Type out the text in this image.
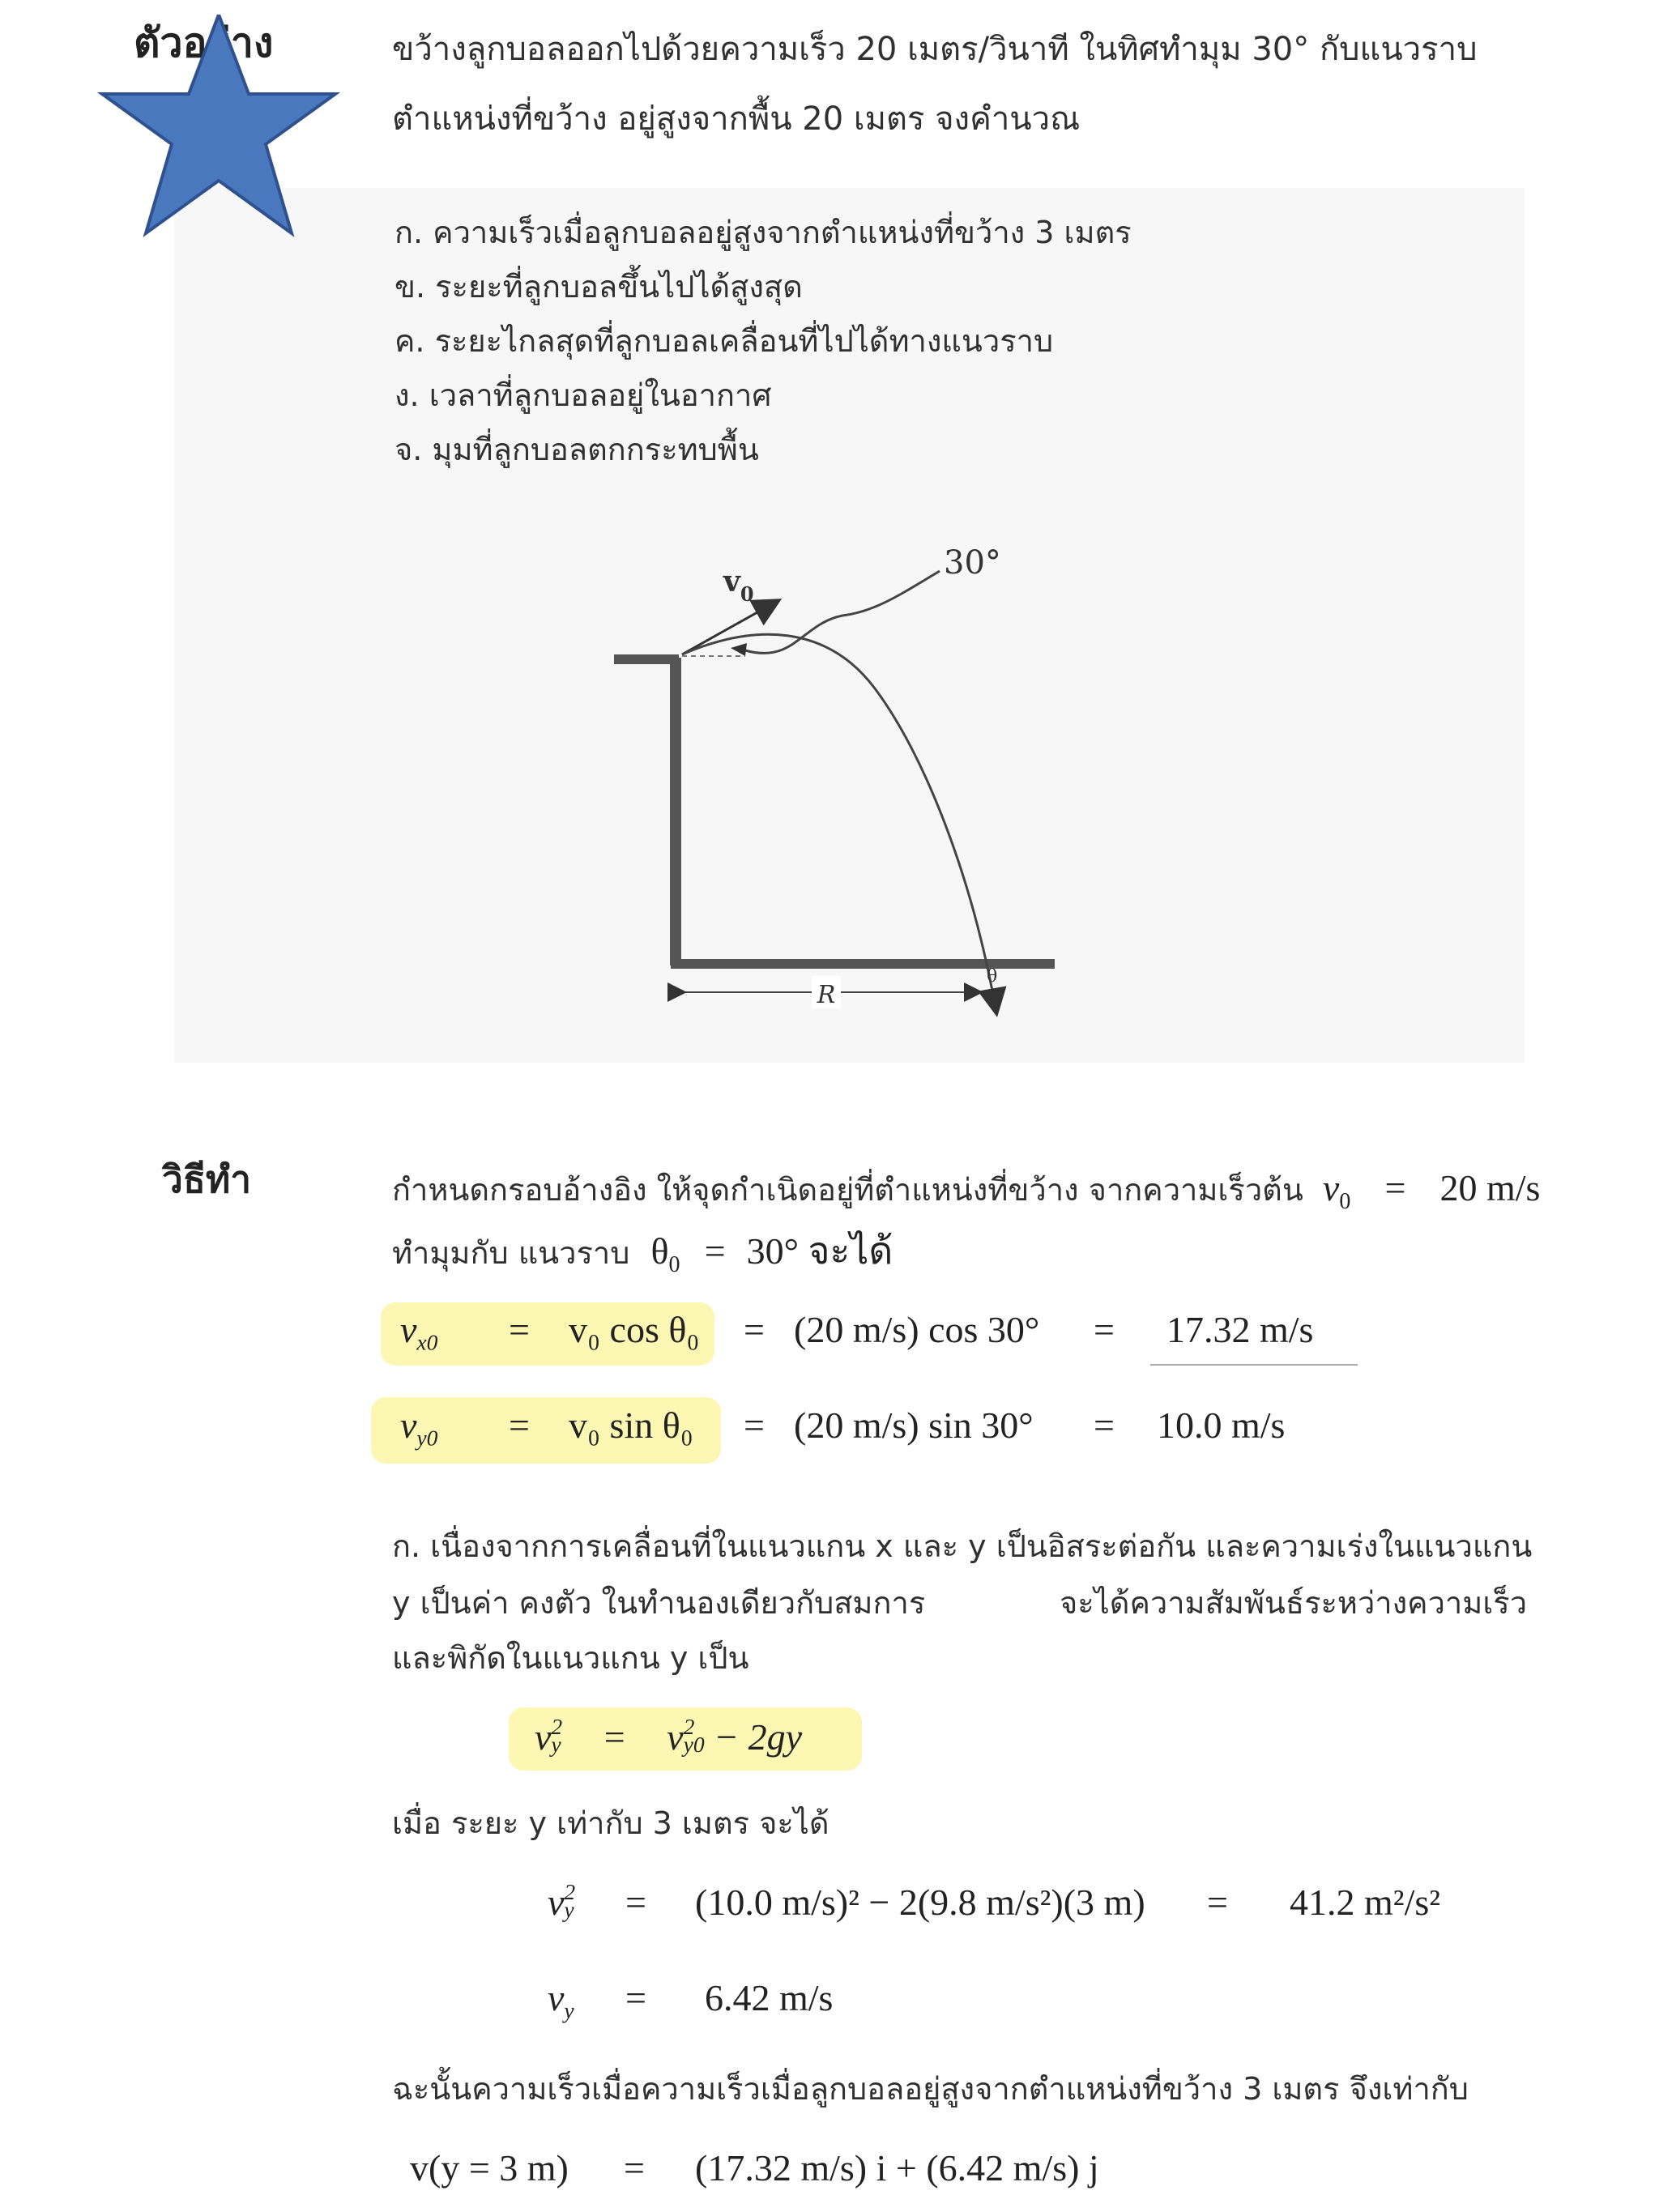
ตัวอย่าง	ขว้างลูกบอลออกไปด้วยความเร็ว 20 เมตร/วินาที ในทิศทำมุม 30° กับแนวราบ
ตำแหน่งที่ขว้าง อยู่สูงจากพื้น 20 เมตร จงคำนวณ
ก. ความเร็วเมื่อลูกบอลอยู่สูงจากตำแหน่งที่ขว้าง 3 เมตร
ข. ระยะที่ลูกบอลขึ้นไปได้สูงสุด
ค. ระยะไกลสุดที่ลูกบอลเคลื่อนที่ไปได้ทางแนวราบ
ง. เวลาที่ลูกบอลอยู่ในอากาศ
จ. มุมที่ลูกบอลตกกระทบพื้น
R
θ
30°
$v_0$
วิธีทำ	กำหนดกรอบอ้างอิง ให้จุดกำเนิดอยู่ที่ตำแหน่งที่ขว้าง จากความเร็วต้น $v_0 = 20$ m/s
ทำมุมกับ แนวราบ $\theta_0 = 30^\circ$ จะได้
$v_{x0} = v_0$ cos θ₀ = (20 m/s) cos 30° = 17.32 m/s
$v_{y0} = v_0$ sin θ₀ = (20 m/s) sin 30° = 10.0 m/s
ก. เนื่องจากการเคลื่อนที่ในแนวแกน x และ y เป็นอิสระต่อกัน และความเร่งในแนวแกน
y เป็นค่า คงตัว ในทำนองเดียวกับสมการ	จะได้ความสัมพันธ์ระหว่างความเร็ว
และพิกัดในแนวแกน y เป็น
v2
y = v2
y0 − 2gy
เมื่อ ระยะ y เท่ากับ 3 เมตร จะได้
v2
y = (10.0 m/s)² − 2(9.8 m/s²)(3 m) = 41.2 m²/s²
$v_y = 6.42$ m/s
ฉะนั้นความเร็วเมื่อความเร็วเมื่อลูกบอลอยู่สูงจากตำแหน่งที่ขว้าง 3 เมตร จึงเท่ากับ
v(y = 3 m) = (17.32 m/s) i + (6.42 m/s) j
